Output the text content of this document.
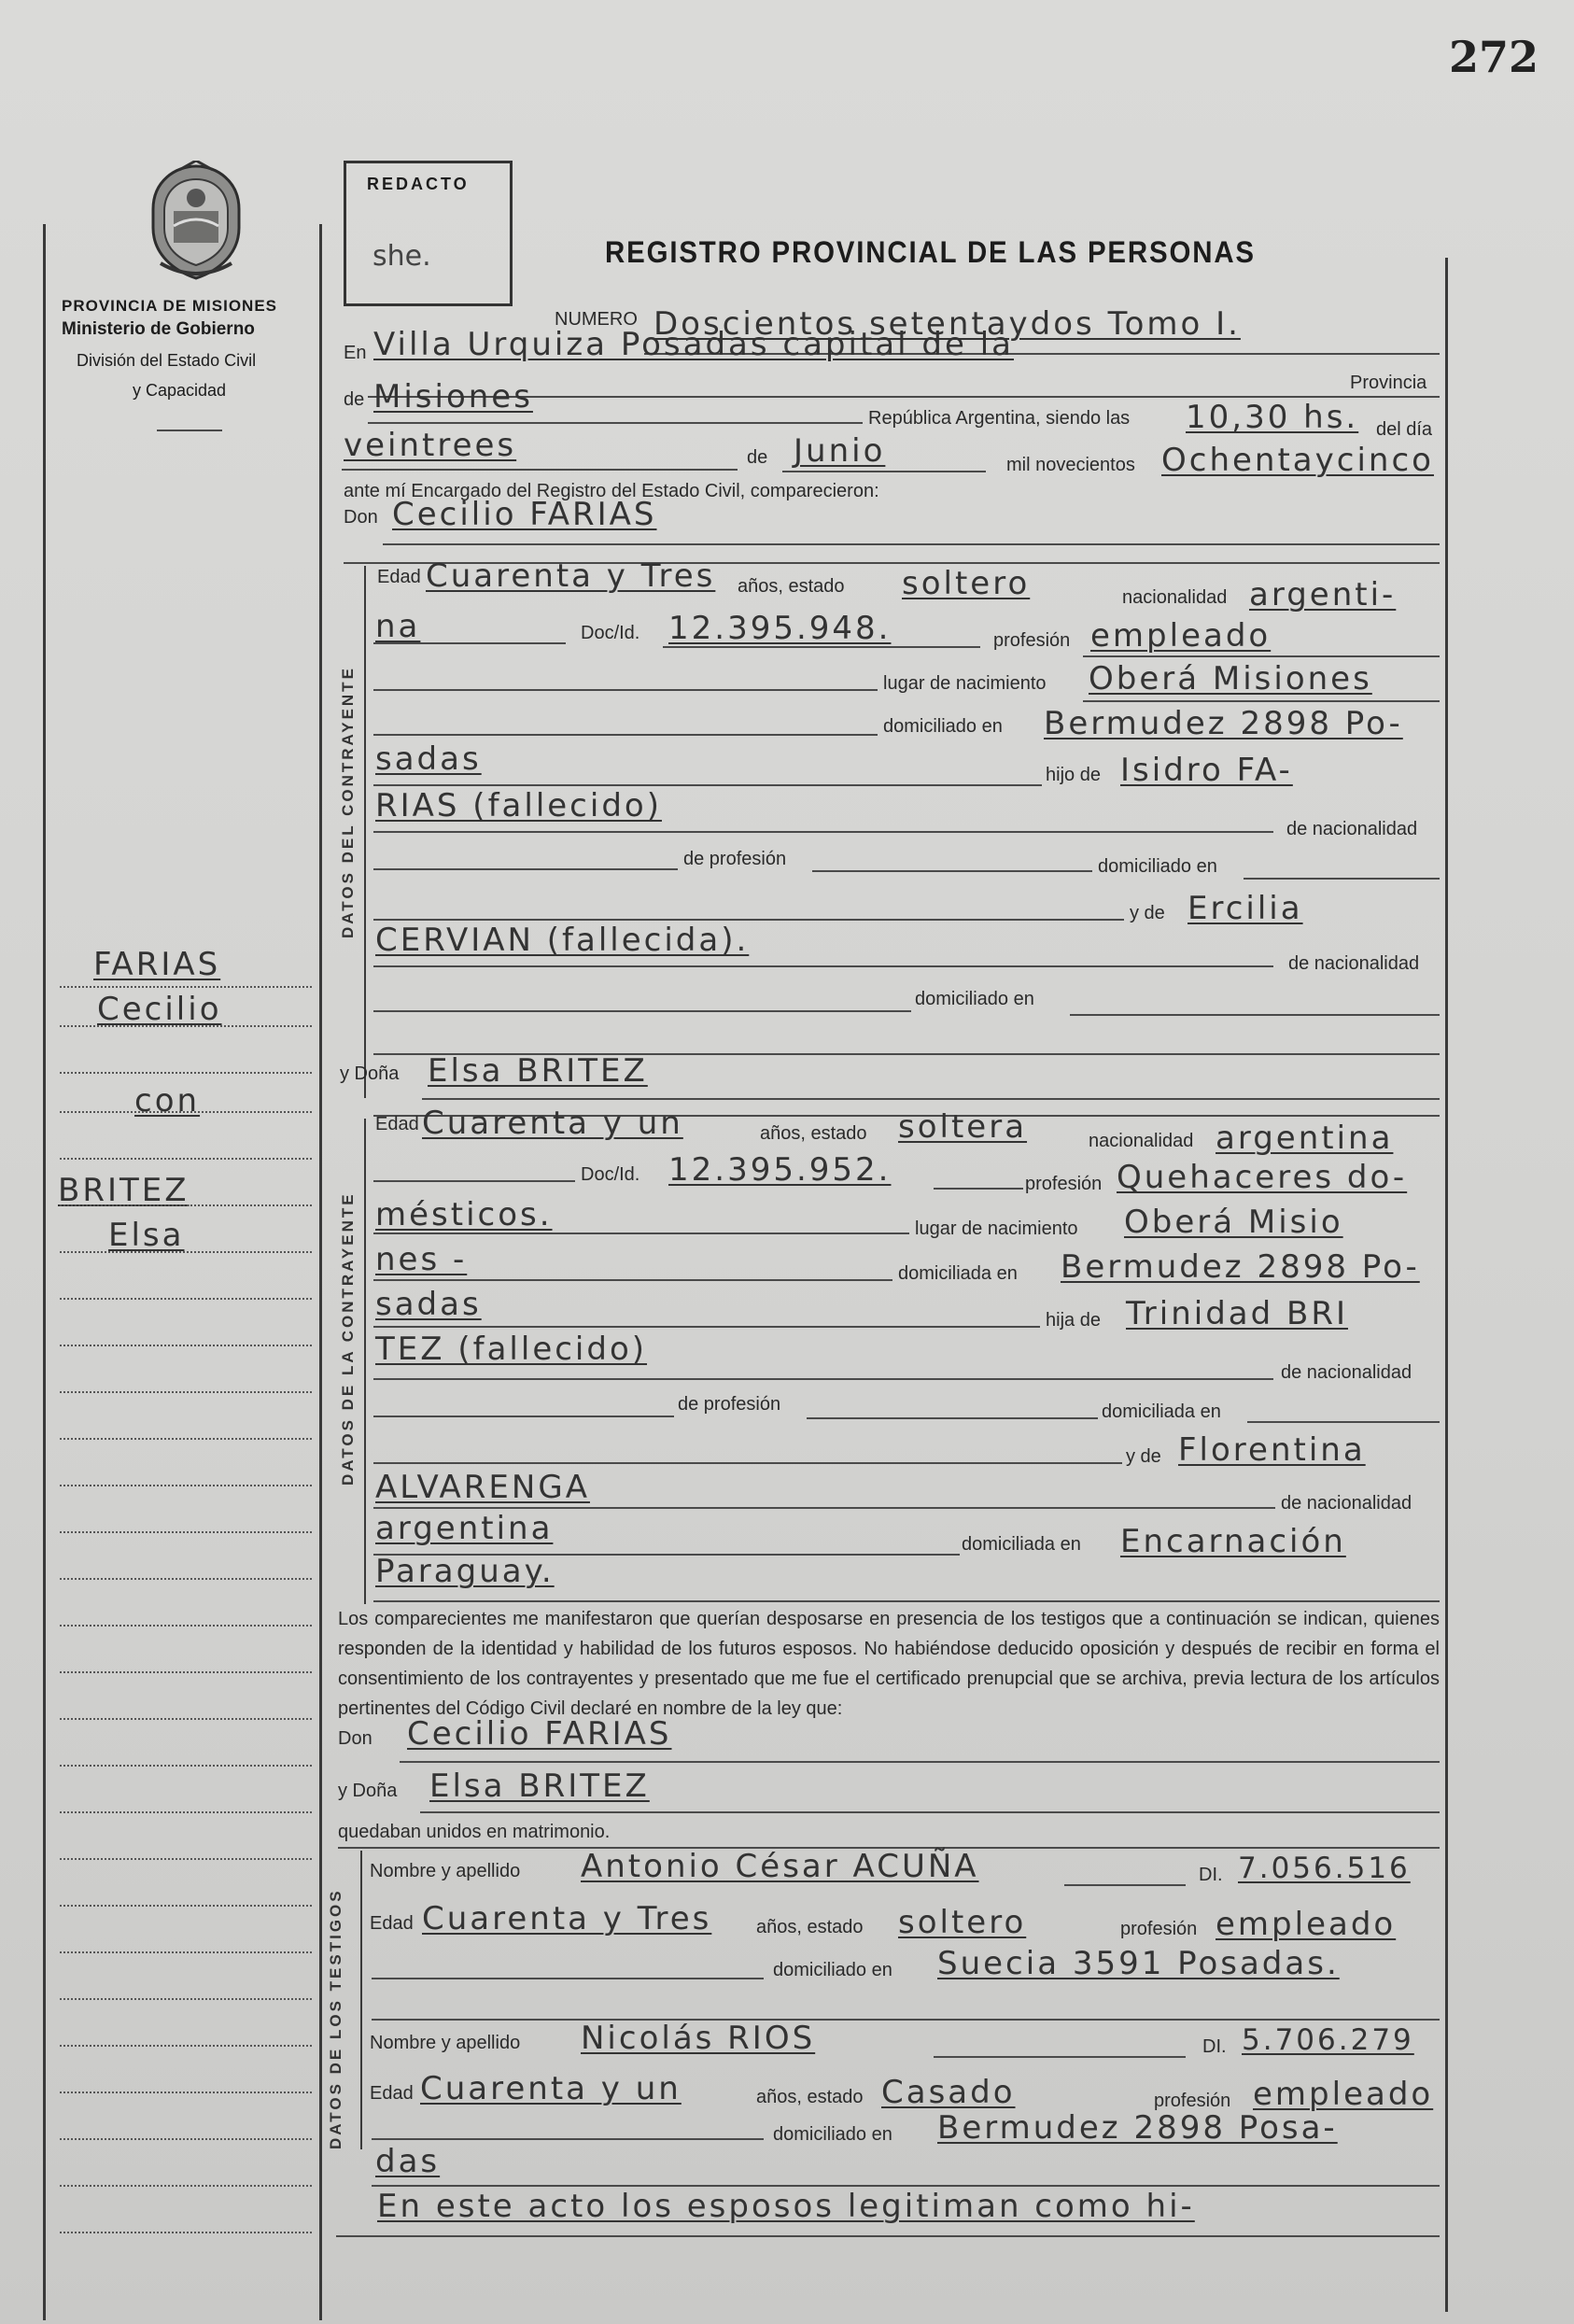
272
PROVINCIA DE MISIONES
Ministerio de Gobierno
División del Estado Civil
y Capacidad
REDACTO
she.	REGISTRO PROVINCIAL DE LAS PERSONAS
NUMERO Doscientos setentaydos Tomo I.
En Villa Urquiza Posadas capital de la
de Misiones	Provincia
República Argentina, siendo las 10,30 hs. del día
veintrees	de Junio	mil novecientos Ochentaycinco
ante mí Encargado del Registro del Estado Civil, comparecieron:
Don Cecilio FARIAS
DATOS DEL CONTRAYENTE
Edad Cuarenta y Tres años, estado soltero	nacionalidad argenti-
na	Doc/Id. 12.395.948.	profesión empleado
lugar de nacimiento Oberá Misiones
domiciliado en Bermudez 2898 Po-
sadas	hijo de Isidro FA-
RIAS (fallecido)
de nacionalidad
de profesión	domiciliado en
y de Ercilia
CERVIAN (fallecida).
de nacionalidad
domiciliado en
y Doña Elsa BRITEZ
DATOS DE LA CONTRAYENTE
Edad Cuarenta y un	años, estado soltera	nacionalidad argentina
Doc/Id. 12.395.952.	profesión Quehaceres do-
mésticos.	lugar de nacimiento Oberá Misio
nes -	domiciliada en Bermudez 2898 Po-
sadas	hija de Trinidad BRI
TEZ (fallecido)
de nacionalidad
de profesión	domiciliada en
y de Florentina
ALVARENGA	de nacionalidad
argentina	domiciliada en Encarnación
Paraguay.
Los comparecientes me manifestaron que querían desposarse en presencia de los testigos que a continuación se indican, quienes responden de la identidad y habilidad de los futuros esposos. No habiéndose deducido oposición y después de recibir en forma el consentimiento de los contrayentes y presentado que me fue el certificado prenupcial que se archiva, previa lectura de los artículos pertinentes del Código Civil declaré en nombre de la ley que:
Don Cecilio FARIAS
y Doña Elsa BRITEZ
quedaban unidos en matrimonio.
DATOS DE LOS TESTIGOS
Nombre y apellido Antonio César ACUÑA	DI. 7.056.516
Edad Cuarenta y Tres años, estado soltero	profesión empleado
domiciliado en Suecia 3591 Posadas.
Nombre y apellido Nicolás RIOS	DI. 5.706.279
Edad Cuarenta y un	años, estado Casado	profesión empleado
domiciliado en Bermudez 2898 Posa-
das
En este acto los esposos legitiman como hi-
FARIAS
Cecilio
con
BRITEZ
Elsa
